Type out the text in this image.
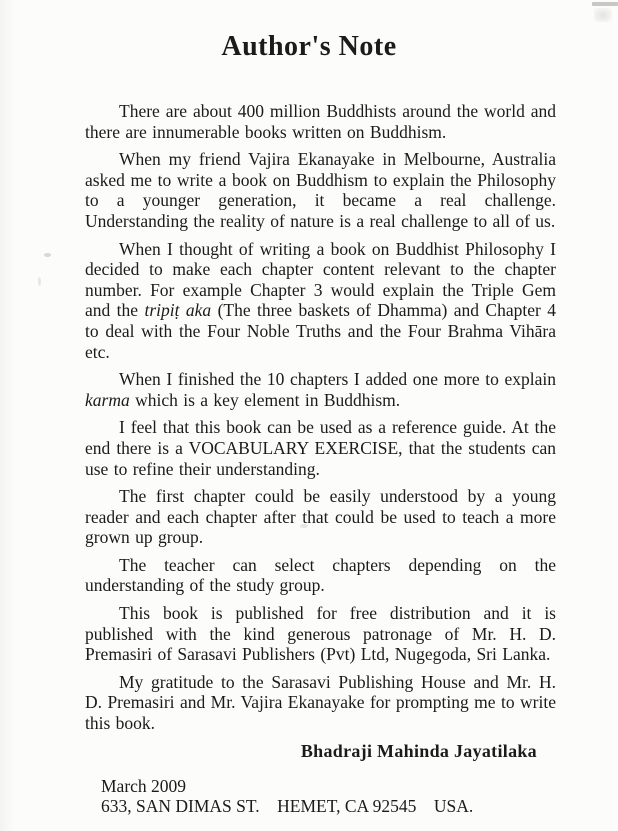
Author's Note

There are about 400 million Buddhists around the world and there are innumerable books written on Buddhism.

When my friend Vajira Ekanayake in Melbourne, Australia asked me to write a book on Buddhism to explain the Philosophy to a younger generation, it became a real challenge. Understanding the reality of nature is a real challenge to all of us.

When I thought of writing a book on Buddhist Philosophy I decided to make each chapter content relevant to the chapter number. For example Chapter 3 would explain the Triple Gem and the tripiṭ aka (The three baskets of Dhamma) and Chapter 4 to deal with the Four Noble Truths and the Four Brahma Vihāra etc.

When I finished the 10 chapters I added one more to explain karma which is a key element in Buddhism.

I feel that this book can be used as a reference guide. At the end there is a VOCABULARY EXERCISE, that the students can use to refine their understanding.

The first chapter could be easily understood by a young reader and each chapter after that could be used to teach a more grown up group.

The teacher can select chapters depending on the understanding of the study group.

This book is published for free distribution and it is published with the kind generous patronage of Mr. H. D. Premasiri of Sarasavi Publishers (Pvt) Ltd, Nugegoda, Sri Lanka.

My gratitude to the Sarasavi Publishing House and Mr. H. D. Premasiri and Mr. Vajira Ekanayake for prompting me to write this book.

Bhadraji Mahinda Jayatilaka
March 2009
633, SAN DIMAS ST.    HEMET, CA 92545    USA.
